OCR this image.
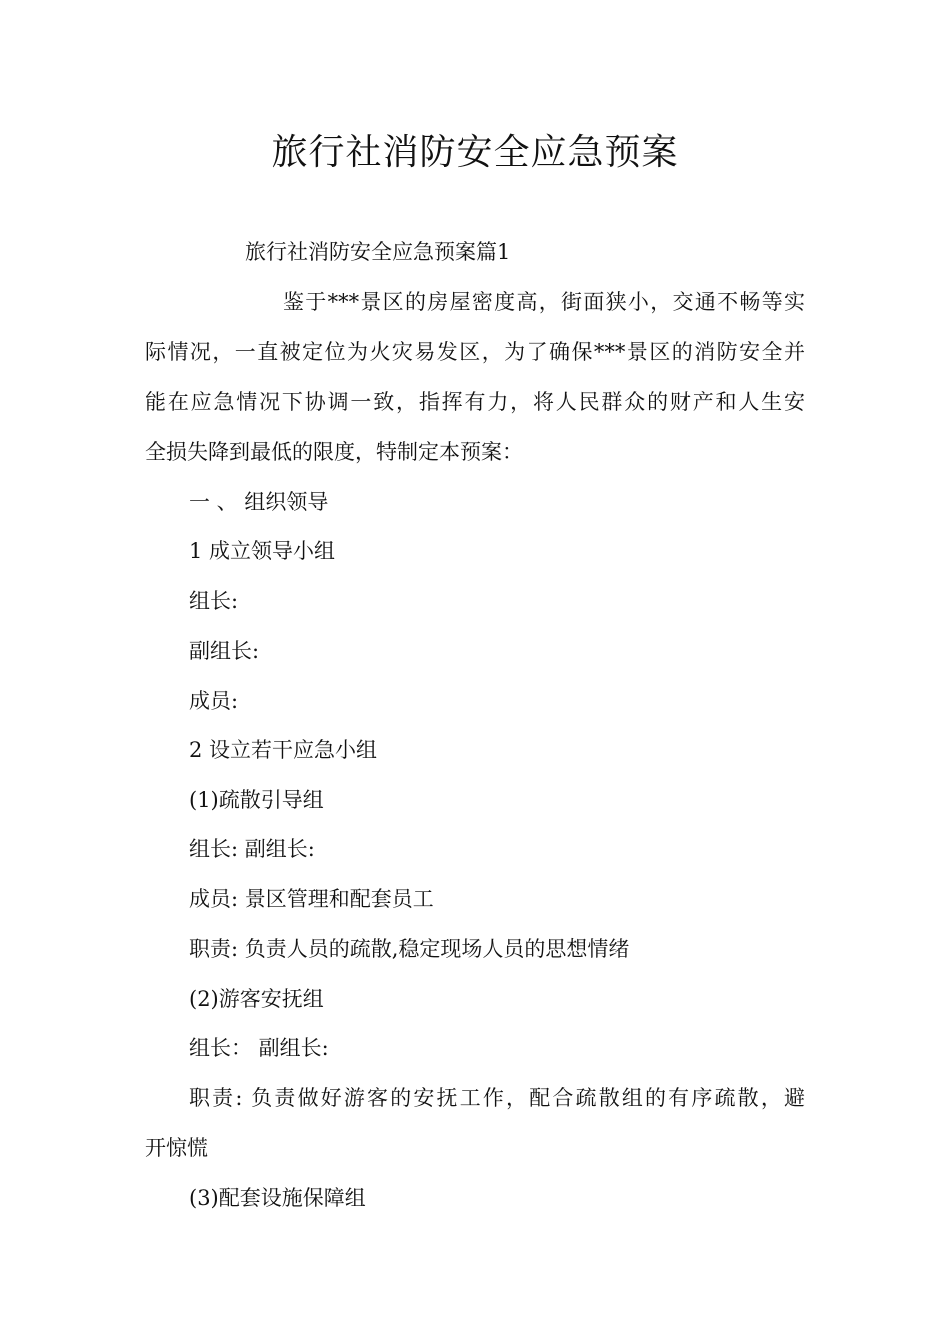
旅行社消防安全应急预案
旅行社消防安全应急预案篇1
鉴于***景区的房屋密度高，街面狭小，交通不畅等实
际情况，一直被定位为火灾易发区，为了确保***景区的消防安全并
能在应急情况下协调一致，指挥有力，将人民群众的财产和人生安
全损失降到最低的限度，特制定本预案：
一 、 组织领导
1 成立领导小组
组长:
副组长:
成员:
2 设立若干应急小组
(1)疏散引导组
组长: 副组长:
成员: 景区管理和配套员工
职责: 负责人员的疏散,稳定现场人员的思想情绪
(2)游客安抚组
组长： 副组长:
职责: 负责做好游客的安抚工作，配合疏散组的有序疏散，避
开惊慌
(3)配套设施保障组
